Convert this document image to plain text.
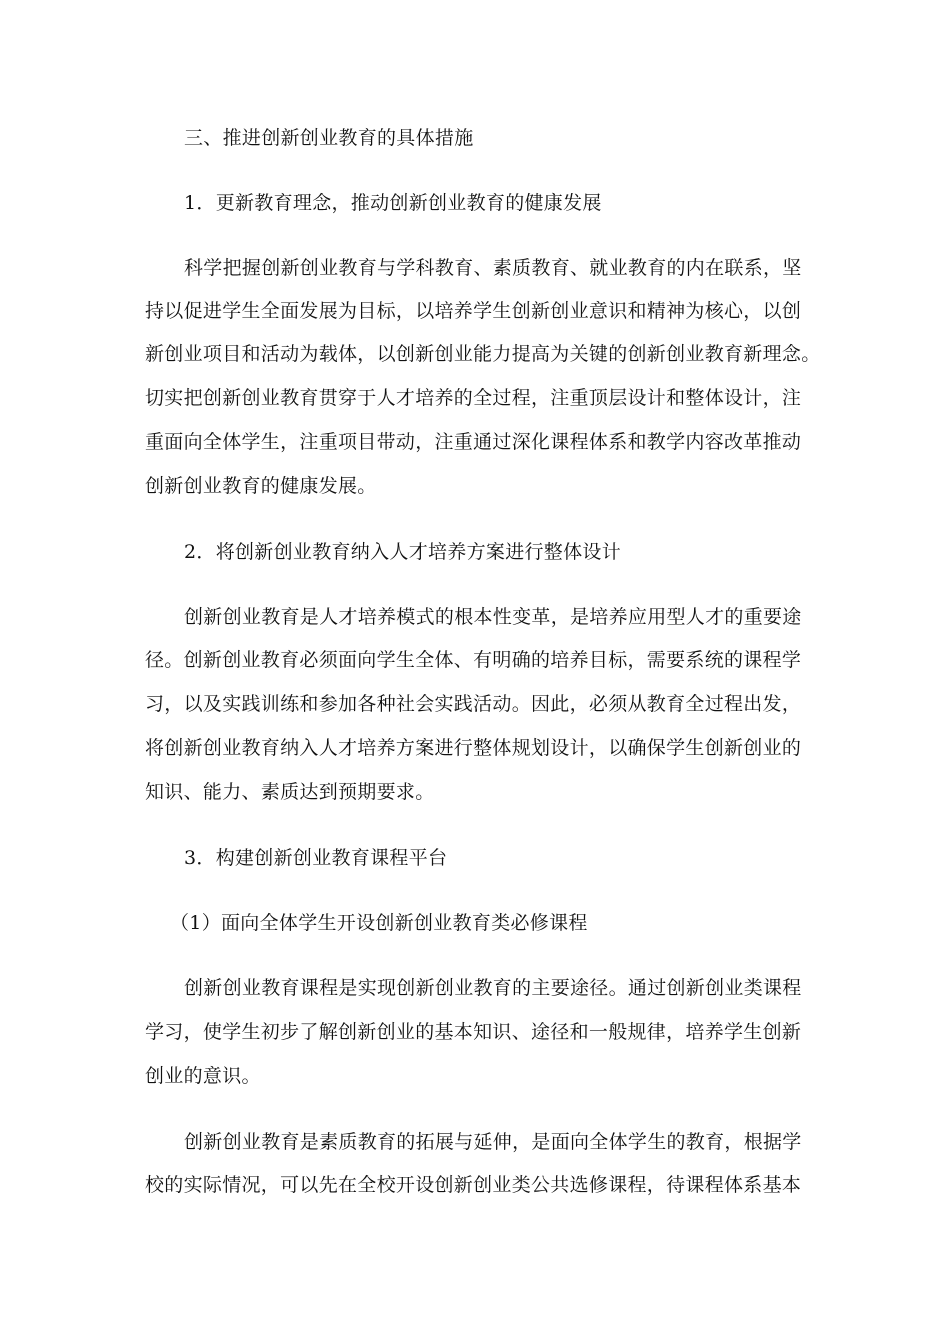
三、推进创新创业教育的具体措施
1．更新教育理念，推动创新创业教育的健康发展
科学把握创新创业教育与学科教育、素质教育、就业教育的内在联系，坚
持以促进学生全面发展为目标，以培养学生创新创业意识和精神为核心，以创
新创业项目和活动为载体，以创新创业能力提高为关键的创新创业教育新理念。
切实把创新创业教育贯穿于人才培养的全过程，注重顶层设计和整体设计，注
重面向全体学生，注重项目带动，注重通过深化课程体系和教学内容改革推动
创新创业教育的健康发展。
2．将创新创业教育纳入人才培养方案进行整体设计
创新创业教育是人才培养模式的根本性变革，是培养应用型人才的重要途
径。创新创业教育必须面向学生全体、有明确的培养目标，需要系统的课程学
习，以及实践训练和参加各种社会实践活动。因此，必须从教育全过程出发，
将创新创业教育纳入人才培养方案进行整体规划设计，以确保学生创新创业的
知识、能力、素质达到预期要求。
3．构建创新创业教育课程平台
（1）面向全体学生开设创新创业教育类必修课程
创新创业教育课程是实现创新创业教育的主要途径。通过创新创业类课程
学习，使学生初步了解创新创业的基本知识、途径和一般规律，培养学生创新
创业的意识。
创新创业教育是素质教育的拓展与延伸，是面向全体学生的教育，根据学
校的实际情况，可以先在全校开设创新创业类公共选修课程，待课程体系基本
